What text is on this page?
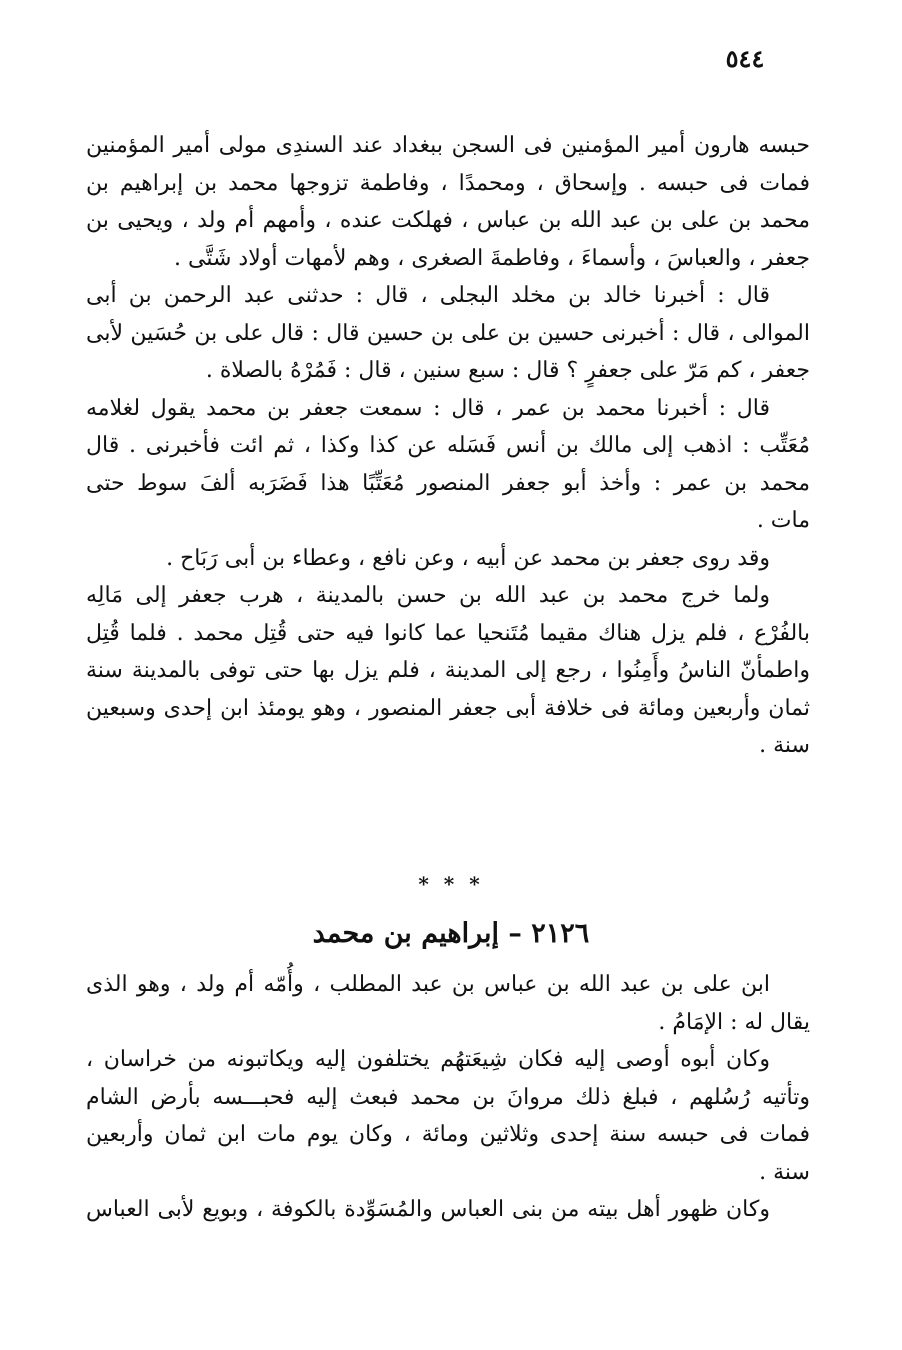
٥٤٤
حبسه هارون أمير المؤمنين فى السجن ببغداد عند السندِى مولى أمير المؤمنين
فمات فى حبسه . وإسحاق ، ومحمدًا ، وفاطمة تزوجها محمد بن إبراهيم بن
محمد بن على بن عبد الله بن عباس ، فهلكت عنده ، وأمهم أم ولد ، ويحيى بن
جعفر ، والعباسَ ، وأسماءَ ، وفاطمةَ الصغرى ، وهم لأمهات أولاد شَتَّى .
قال : أخبرنا خالد بن مخلد البجلى ، قال : حدثنى عبد الرحمن بن أبى
الموالى ، قال : أخبرنى حسين بن على بن حسين قال : قال على بن حُسَين لأبى
جعفر ، كم مَرّ على جعفرٍ ؟ قال : سبع سنين ، قال : فَمُرْهُ بالصلاة .
قال : أخبرنا محمد بن عمر ، قال : سمعت جعفر بن محمد يقول لغلامه
مُعَتِّب : اذهب إلى مالك بن أنس فَسَله عن كذا وكذا ، ثم ائت فأخبرنى . قال
محمد بن عمر : وأخذ أبو جعفر المنصور مُعَتِّبًا هذا فَضَرَبه ألفَ سوط حتى
مات .
وقد روى جعفر بن محمد عن أبيه ، وعن نافع ، وعطاء بن أبى رَبَاح .
ولما خرج محمد بن عبد الله بن حسن بالمدينة ، هرب جعفر إلى مَالِه
بالفُرْع ، فلم يزل هناك مقيما مُتَنحيا عما كانوا فيه حتى قُتِل محمد . فلما قُتِل
واطمأنّ الناسُ وأَمِنُوا ، رجع إلى المدينة ، فلم يزل بها حتى توفى بالمدينة سنة
ثمان وأربعين ومائة فى خلافة أبى جعفر المنصور ، وهو يومئذ ابن إحدى وسبعين
سنة .
* * *
٢١٢٦ – إبراهيم بن محمد
ابن على بن عبد الله بن عباس بن عبد المطلب ، وأُمّه أم ولد ، وهو الذى
يقال له : الإمَامُ .
وكان أبوه أوصى إليه فكان شِيعَتهُم يختلفون إليه ويكاتبونه من خراسان ،
وتأتيه رُسُلهم ، فبلغ ذلك مروانَ بن محمد فبعث إليه فحبـــسه بأرض الشام
فمات فى حبسه سنة إحدى وثلاثين ومائة ، وكان يوم مات ابن ثمان وأربعين
سنة .
وكان ظهور أهل بيته من بنى العباس والمُسَوِّدة بالكوفة ، وبويع لأبى العباس
